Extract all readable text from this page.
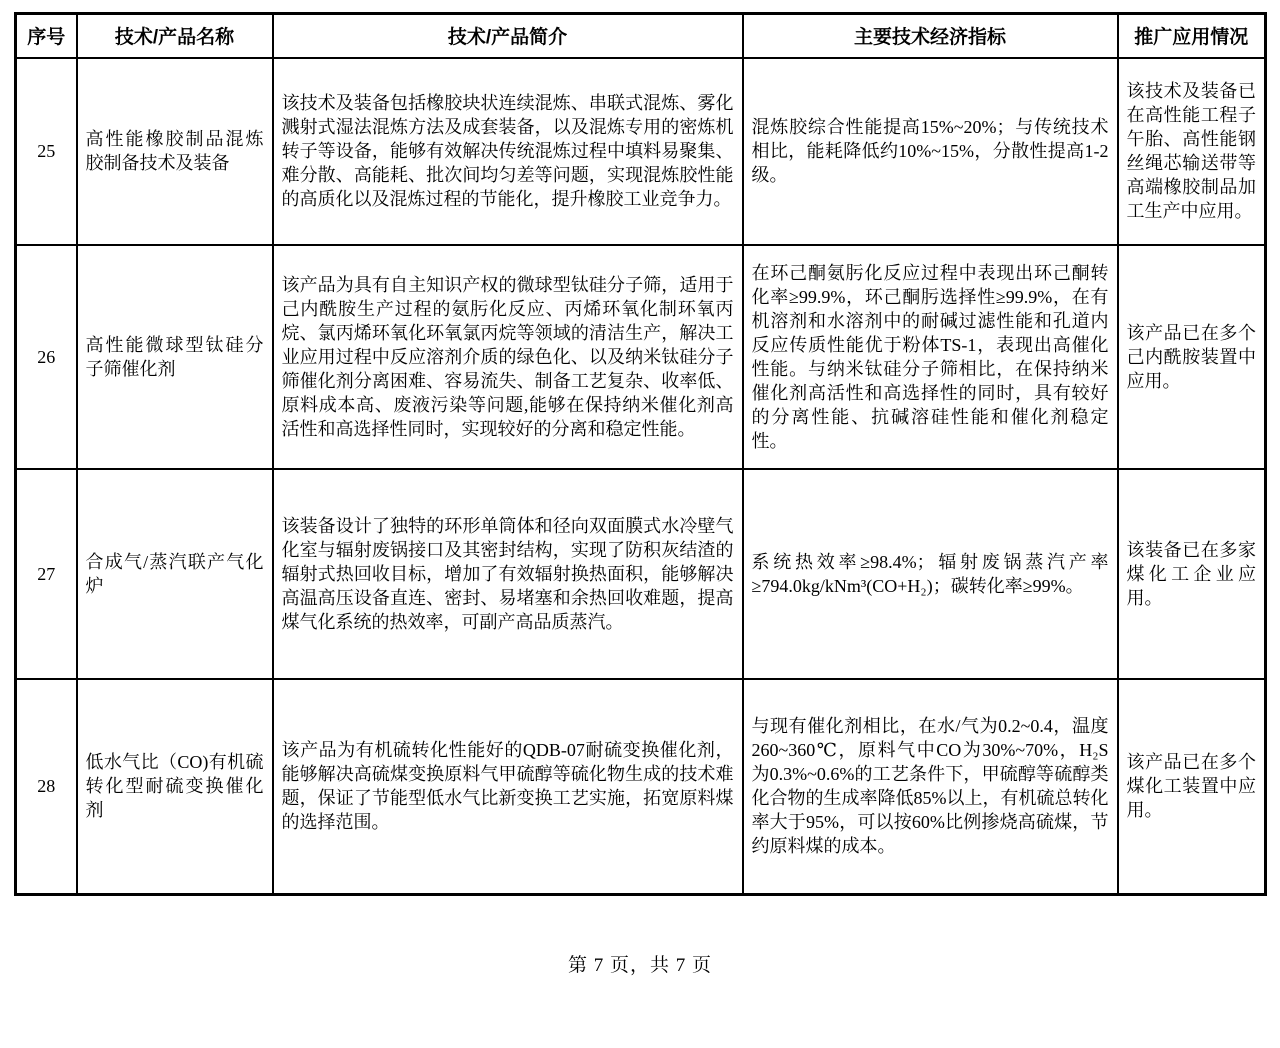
序号	技术/产品名称	技术/产品简介	主要技术经济指标	推广应用情况
25	高性能橡胶制品混炼胶制备技术及装备	该技术及装备包括橡胶块状连续混炼、串联式混炼、雾化溅射式湿法混炼方法及成套装备，以及混炼专用的密炼机转子等设备，能够有效解决传统混炼过程中填料易聚集、难分散、高能耗、批次间均匀差等问题，实现混炼胶性能的高质化以及混炼过程的节能化，提升橡胶工业竞争力。	混炼胶综合性能提高15%~20%；与传统技术相比，能耗降低约10%~15%，分散性提高1-2级。	该技术及装备已在高性能工程子午胎、高性能钢丝绳芯输送带等高端橡胶制品加工生产中应用。
26	高性能微球型钛硅分子筛催化剂	该产品为具有自主知识产权的微球型钛硅分子筛，适用于己内酰胺生产过程的氨肟化反应、丙烯环氧化制环氧丙烷、氯丙烯环氧化环氧氯丙烷等领域的清洁生产，解决工业应用过程中反应溶剂介质的绿色化、以及纳米钛硅分子筛催化剂分离困难、容易流失、制备工艺复杂、收率低、原料成本高、废液污染等问题,能够在保持纳米催化剂高活性和高选择性同时，实现较好的分离和稳定性能。	在环己酮氨肟化反应过程中表现出环己酮转化率≥99.9%，环己酮肟选择性≥99.9%，在有机溶剂和水溶剂中的耐碱过滤性能和孔道内反应传质性能优于粉体TS-1，表现出高催化性能。与纳米钛硅分子筛相比，在保持纳米催化剂高活性和高选择性的同时，具有较好的分离性能、抗碱溶硅性能和催化剂稳定性。	该产品已在多个己内酰胺装置中应用。
27	合成气/蒸汽联产气化炉	该装备设计了独特的环形单筒体和径向双面膜式水冷壁气化室与辐射废锅接口及其密封结构，实现了防积灰结渣的辐射式热回收目标，增加了有效辐射换热面积，能够解决高温高压设备直连、密封、易堵塞和余热回收难题，提高煤气化系统的热效率，可副产高品质蒸汽。	系统热效率≥98.4%；辐射废锅蒸汽产率≥794.0kg/kNm³(CO+H₂)；碳转化率≥99%。	该装备已在多家煤化工企业应用。
28	低水气比（CO)有机硫转化型耐硫变换催化剂	该产品为有机硫转化性能好的QDB-07耐硫变换催化剂，能够解决高硫煤变换原料气甲硫醇等硫化物生成的技术难题，保证了节能型低水气比新变换工艺实施，拓宽原料煤的选择范围。	与现有催化剂相比，在水/气为0.2~0.4，温度260~360℃，原料气中CO为30%~70%，H₂S为0.3%~0.6%的工艺条件下，甲硫醇等硫醇类化合物的生成率降低85%以上，有机硫总转化率大于95%，可以按60%比例掺烧高硫煤，节约原料煤的成本。	该产品已在多个煤化工装置中应用。
第 7 页，共 7 页
